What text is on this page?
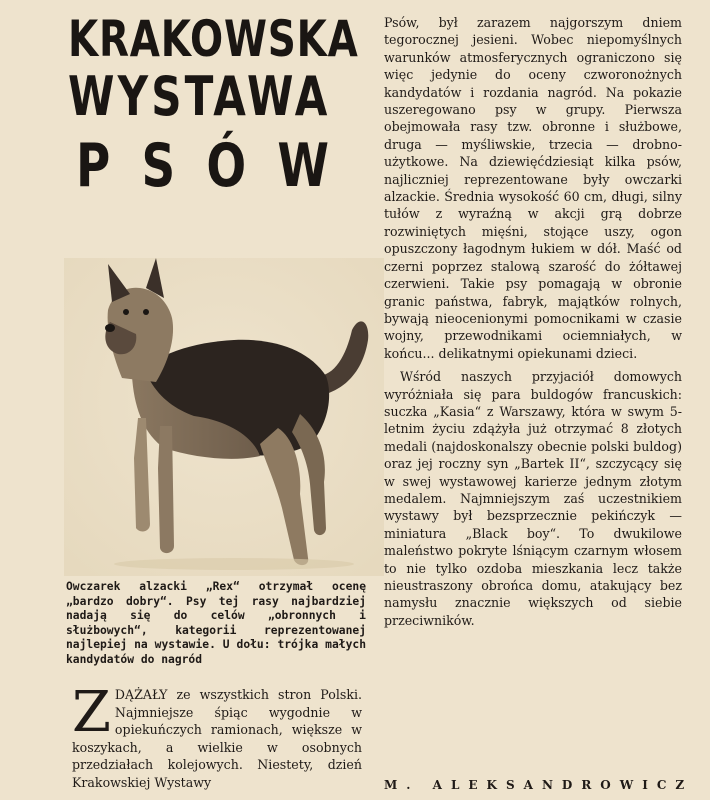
KRAKOWSKA
WYSTAWA
PSÓW
Owczarek alzacki „Rex“ otrzymał ocenę „bardzo dobry“. Psy tej rasy najbardziej nadają się do celów „obronnych i służbowych“, kategorii reprezentowanej najlepiej na wystawie. U dołu: trójka małych kandydatów do nagród
Z DĄŻAŁY ze wszystkich stron Polski. Najmniejsze śpiąc wygodnie w opiekuńczych ramionach, większe w koszykach, a wielkie w osobnych przedziałach kolejowych. Niestety, dzień Krakowskiej Wystawy

Psów, był zarazem najgorszym dniem tegorocznej jesieni. Wobec niepomyślnych warunków atmosferycznych ograniczono się więc jedynie do oceny czworonożnych kandydatów i rozdania nagród. Na pokazie uszeregowano psy w grupy. Pierwsza obejmowała rasy tzw. obronne i służbowe, druga — myśliwskie, trzecia — drobno-użytkowe. Na dziewięćdziesiąt kilka psów, najliczniej reprezentowane były owczarki alzackie. Średnia wysokość 60 cm, długi, silny tułów z wyraźną w akcji grą dobrze rozwiniętych mięśni, stojące uszy, ogon opuszczony łagodnym łukiem w dół. Maść od czerni poprzez stalową szarość do żółtawej czerwieni. Takie psy pomagają w obronie granic państwa, fabryk, majątków rolnych, bywają nieocenionymi pomocnikami w czasie wojny, przewodnikami ociemniałych, w końcu... delikatnymi opiekunami dzieci.

Wśród naszych przyjaciół domowych wyróżniała się para buldogów francuskich: suczka „Kasia“ z Warszawy, która w swym 5-letnim życiu zdążyła już otrzymać 8 złotych medali (najdoskonalszy obecnie polski buldog) oraz jej roczny syn „Bartek II“, szczycący się w swej wystawowej karierze jednym złotym medalem. Najmniejszym zaś uczestnikiem wystawy był bezsprzecznie pekińczyk — miniatura „Black boy“. To dwukilowe maleństwo pokryte lśniącym czarnym włosem to nie tylko ozdoba mieszkania lecz także nieustraszony obrońca domu, atakujący bez namysłu znacznie większych od siebie przeciwników.

M. ALEKSANDROWICZ
